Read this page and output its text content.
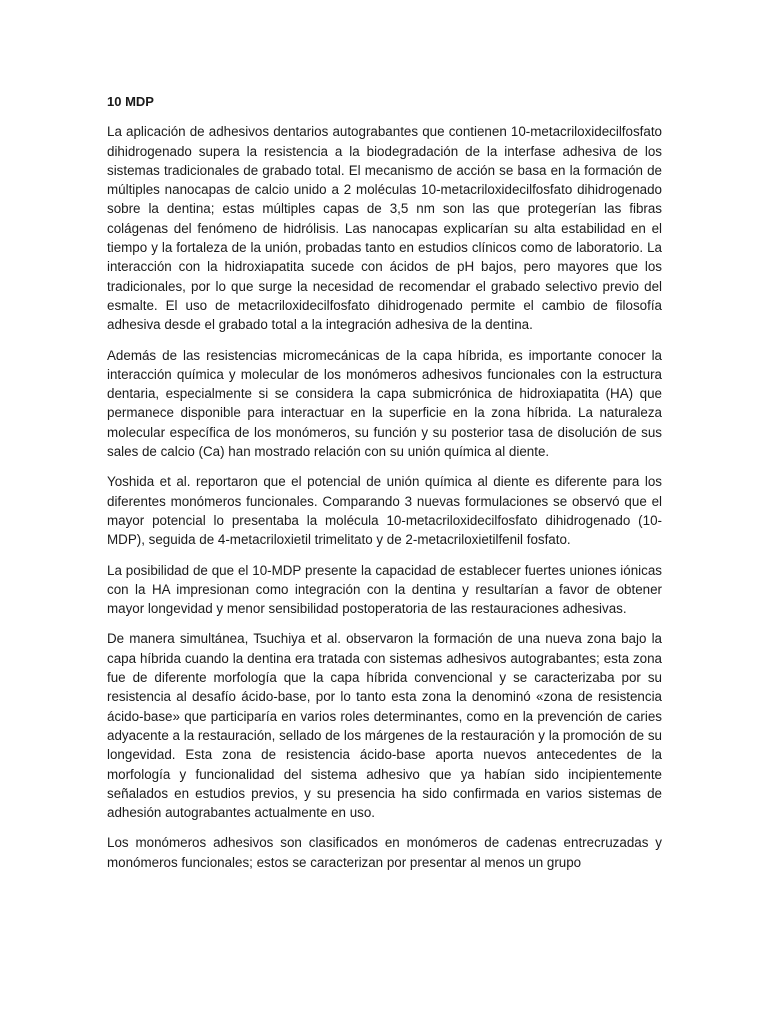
10 MDP

La aplicación de adhesivos dentarios autograbantes que contienen 10-metacriloxidecilfosfato dihidrogenado supera la resistencia a la biodegradación de la interfase adhesiva de los sistemas tradicionales de grabado total. El mecanismo de acción se basa en la formación de múltiples nanocapas de calcio unido a 2 moléculas 10-metacriloxidecilfosfato dihidrogenado sobre la dentina; estas múltiples capas de 3,5 nm son las que protegerían las fibras colágenas del fenómeno de hidrólisis. Las nanocapas explicarían su alta estabilidad en el tiempo y la fortaleza de la unión, probadas tanto en estudios clínicos como de laboratorio. La interacción con la hidroxiapatita sucede con ácidos de pH bajos, pero mayores que los tradicionales, por lo que surge la necesidad de recomendar el grabado selectivo previo del esmalte. El uso de metacriloxidecilfosfato dihidrogenado permite el cambio de filosofía adhesiva desde el grabado total a la integración adhesiva de la dentina.

Además de las resistencias micromecánicas de la capa híbrida, es importante conocer la interacción química y molecular de los monómeros adhesivos funcionales con la estructura dentaria, especialmente si se considera la capa submicrónica de hidroxiapatita (HA) que permanece disponible para interactuar en la superficie en la zona híbrida. La naturaleza molecular específica de los monómeros, su función y su posterior tasa de disolución de sus sales de calcio (Ca) han mostrado relación con su unión química al diente.

Yoshida et al. reportaron que el potencial de unión química al diente es diferente para los diferentes monómeros funcionales. Comparando 3 nuevas formulaciones se observó que el mayor potencial lo presentaba la molécula 10-metacriloxidecilfosfato dihidrogenado (10-MDP), seguida de 4-metacriloxietil trimelitato y de 2-metacriloxietilfenil fosfato.

La posibilidad de que el 10-MDP presente la capacidad de establecer fuertes uniones iónicas con la HA impresionan como integración con la dentina y resultarían a favor de obtener mayor longevidad y menor sensibilidad postoperatoria de las restauraciones adhesivas.

De manera simultánea, Tsuchiya et al. observaron la formación de una nueva zona bajo la capa híbrida cuando la dentina era tratada con sistemas adhesivos autograbantes; esta zona fue de diferente morfología que la capa híbrida convencional y se caracterizaba por su resistencia al desafío ácido-base, por lo tanto esta zona la denominó «zona de resistencia ácido-base» que participaría en varios roles determinantes, como en la prevención de caries adyacente a la restauración, sellado de los márgenes de la restauración y la promoción de su longevidad. Esta zona de resistencia ácido-base aporta nuevos antecedentes de la morfología y funcionalidad del sistema adhesivo que ya habían sido incipientemente señalados en estudios previos, y su presencia ha sido confirmada en varios sistemas de adhesión autograbantes actualmente en uso.

Los monómeros adhesivos son clasificados en monómeros de cadenas entrecruzadas y monómeros funcionales; estos se caracterizan por presentar al menos un grupo
